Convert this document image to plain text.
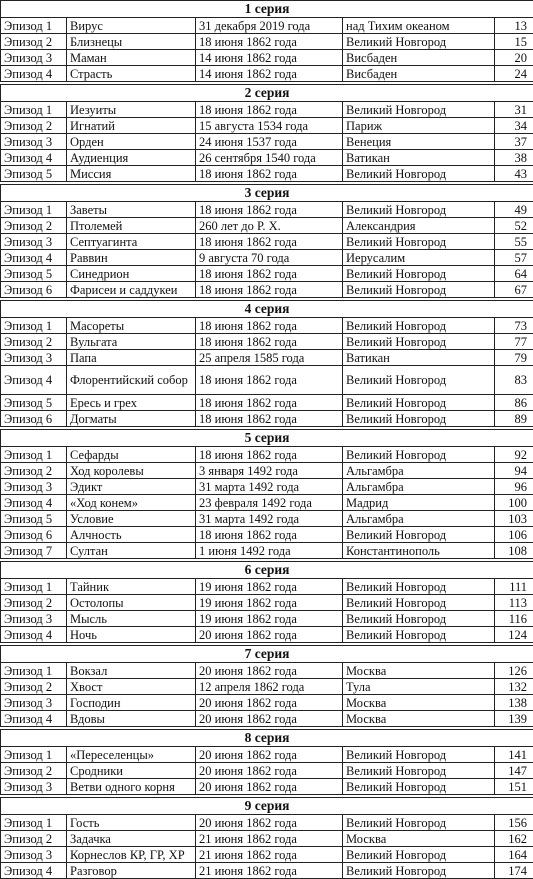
1 серия				
Эпизод 1	Вирус	31 декабря 2019 года	над Тихим океаном	13
Эпизод 2	Близнецы	18 июня 1862 года	Великий Новгород	15
Эпизод 3	Маман	14 июня 1862 года	Висбаден	20
Эпизод 4	Страсть	14 июня 1862 года	Висбаден	24

2 серия				
Эпизод 1	Иезуиты	18 июня 1862 года	Великий Новгород	31
Эпизод 2	Игнатий	15 августа 1534 года	Париж	34
Эпизод 3	Орден	24 июня 1537 года	Венеция	37
Эпизод 4	Аудиенция	26 сентября 1540 года	Ватикан	38
Эпизод 5	Миссия	18 июня 1862 года	Великий Новгород	43

3 серия				
Эпизод 1	Заветы	18 июня 1862 года	Великий Новгород	49
Эпизод 2	Птолемей	260 лет до Р. Х.	Александрия	52
Эпизод 3	Септуагинта	18 июня 1862 года	Великий Новгород	55
Эпизод 4	Раввин	9 августа 70 года	Иерусалим	57
Эпизод 5	Синедрион	18 июня 1862 года	Великий Новгород	64
Эпизод 6	Фарисеи и саддукеи	18 июня 1862 года	Великий Новгород	67

4 серия				
Эпизод 1	Масореты	18 июня 1862 года	Великий Новгород	73
Эпизод 2	Вульгата	18 июня 1862 года	Великий Новгород	77
Эпизод 3	Папа	25 апреля 1585 года	Ватикан	79
Эпизод 4	Флорентийский собор	18 июня 1862 года	Великий Новгород	83
Эпизод 5	Ересь и грех	18 июня 1862 года	Великий Новгород	86
Эпизод 6	Догматы	18 июня 1862 года	Великий Новгород	89

5 серия				
Эпизод 1	Сефарды	18 июня 1862 года	Великий Новгород	92
Эпизод 2	Ход королевы	3 января 1492 года	Альгамбра	94
Эпизод 3	Эдикт	31 марта 1492 года	Альгамбра	96
Эпизод 4	«Ход конем»	23 февраля 1492 года	Мадрид	100
Эпизод 5	Условие	31 марта 1492 года	Альгамбра	103
Эпизод 6	Алчность	18 июня 1862 года	Великий Новгород	106
Эпизод 7	Султан	1 июня 1492 года	Константинополь	108

6 серия				
Эпизод 1	Тайник	19 июня 1862 года	Великий Новгород	111
Эпизод 2	Остолопы	19 июня 1862 года	Великий Новгород	113
Эпизод 3	Мысль	19 июня 1862 года	Великий Новгород	116
Эпизод 4	Ночь	20 июня 1862 года	Великий Новгород	124

7 серия				
Эпизод 1	Вокзал	20 июня 1862 года	Москва	126
Эпизод 2	Хвост	12 апреля 1862 года	Тула	132
Эпизод 3	Господин	20 июня 1862 года	Москва	138
Эпизод 4	Вдовы	20 июня 1862 года	Москва	139

8 серия				
Эпизод 1	«Переселенцы»	20 июня 1862 года	Великий Новгород	141
Эпизод 2	Сродники	20 июня 1862 года	Великий Новгород	147
Эпизод 3	Ветви одного корня	20 июня 1862 года	Великий Новгород	151

9 серия				
Эпизод 1	Гость	20 июня 1862 года	Великий Новгород	156
Эпизод 2	Задачка	21 июня 1862 года	Москва	162
Эпизод 3	Корнеслов КР, ГР, ХР	21 июня 1862 года	Великий Новгород	164
Эпизод 4	Разговор	21 июня 1862 года	Великий Новгород	174
